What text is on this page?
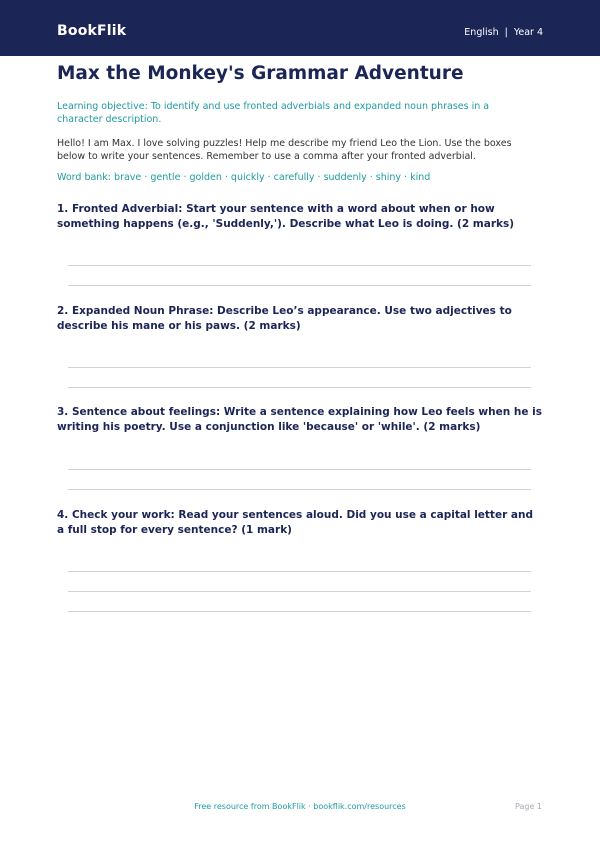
BookFlik	English | Year 4
Max the Monkey's Grammar Adventure

Learning objective: To identify and use fronted adverbials and expanded noun phrases in a character description.

Hello! I am Max. I love solving puzzles! Help me describe my friend Leo the Lion. Use the boxes below to write your sentences. Remember to use a comma after your fronted adverbial.

Word bank: brave · gentle · golden · quickly · carefully · suddenly · shiny · kind

1. Fronted Adverbial: Start your sentence with a word about when or how something happens (e.g., 'Suddenly,'). Describe what Leo is doing. (2 marks)

2. Expanded Noun Phrase: Describe Leo’s appearance. Use two adjectives to describe his mane or his paws. (2 marks)

3. Sentence about feelings: Write a sentence explaining how Leo feels when he is writing his poetry. Use a conjunction like 'because' or 'while'. (2 marks)

4. Check your work: Read your sentences aloud. Did you use a capital letter and a full stop for every sentence? (1 mark)

Free resource from BookFlik · bookflik.com/resources	Page 1
